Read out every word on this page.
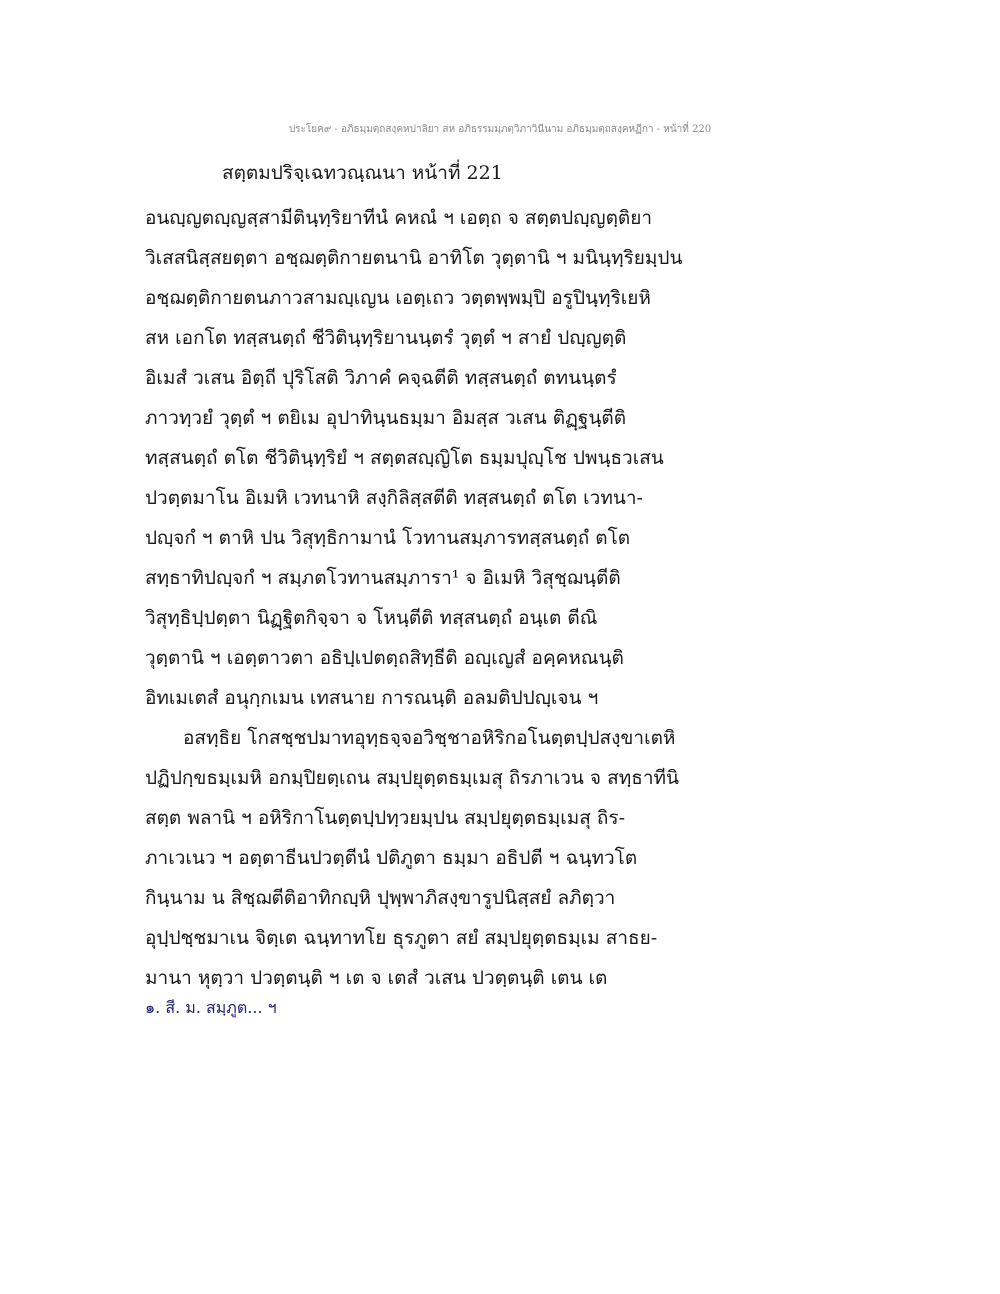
ประโยค๙ - อภิธมฺมตฺถสงฺคหปาลิยา สห อภิธรรมมฺภตฺวิภาวินีนาม อภิธมฺมตฺถสงฺคหฏีกา - หน้าที่ 220
สตฺตมปริจฺเฉทวณฺณนา หน้าที่ 221
อนญฺญตญฺญสฺสามีตินฺทฺริยาทีนํ คหณํ ฯ เอตฺถ จ สตฺตปญฺญตฺติยา
วิเสสนิสฺสยตฺตา อชฺฌตฺติกายตนานิ อาทิโต วุตฺตานิ ฯ มนินฺทฺริยมฺปน
อชฺฌตฺติกายตนภาวสามญฺเญน เอตฺเถว วตฺตพฺพมฺปิ อรูปินฺทฺริเยหิ
สห เอกโต ทสฺสนตฺถํ ชีวิตินฺทฺริยานนฺตรํ วุตฺตํ ฯ สายํ ปญฺญตฺติ
อิเมสํ วเสน อิตฺถี ปุริโสติ วิภาคํ คจฺฉตีติ ทสฺสนตฺถํ ตทนนฺตรํ
ภาวทฺวยํ วุตฺตํ ฯ ตยิเม อุปาทินฺนธมฺมา อิมสฺส วเสน ติฏฺฐนฺตีติ
ทสฺสนตฺถํ ตโต ชีวิตินฺทฺริยํ ฯ สตฺตสญฺญิโต ธมฺมปุญฺโช ปพนฺธวเสน
ปวตฺตมาโน อิเมหิ เวทนาหิ สงฺกิลิสฺสตีติ ทสฺสนตฺถํ ตโต เวทนา-
ปญฺจกํ ฯ ตาหิ ปน วิสุทฺธิกามานํ โวทานสมฺภารทสฺสนตฺถํ ตโต
สทฺธาทิปญฺจกํ ฯ สมฺภตโวทานสมฺภารา¹ จ อิเมหิ วิสุชฺฌนฺตีติ
วิสุทฺธิปฺปตฺตา นิฏฺฐิตกิจฺจา จ โหนฺตีติ ทสฺสนตฺถํ อนฺเต ตีณิ
วุตฺตานิ ฯ เอตฺตาวตา อธิปฺเปตตฺถสิทฺธีติ อญฺเญสํ อคฺคหณนฺติ
อิทเมเตสํ อนุกฺกเมน เทสนาย การณนฺติ อลมติปปญฺเจน ฯ
อสทฺธิย โกสชฺชปมาทอุทฺธจฺจอวิชฺชาอหิริกอโนตฺตปฺปสงฺขาเตหิ
ปฏิปกฺขธมฺเมหิ อกมฺปิยตฺเถน สมฺปยุตฺตธมฺเมสุ ถิรภาเวน จ สทฺธาทีนิ
สตฺต พลานิ ฯ อหิริกาโนตฺตปฺปทฺวยมฺปน สมฺปยุตฺตธมฺเมสุ ถิร-
ภาเวเนว ฯ อตฺตาธีนปวตฺตีนํ ปติภูตา ธมฺมา อธิปตี ฯ ฉนฺทวโต
กินฺนาม น สิชฺฌตีติอาทิกญฺหิ ปุพฺพาภิสงฺขารูปนิสฺสยํ ลภิตฺวา
อุปฺปชฺชมาเน จิตฺเต ฉนฺทาทโย ธุรภูตา สยํ สมฺปยุตฺตธมฺเม สาธย-
มานา หุตฺวา ปวตฺตนฺติ ฯ เต จ เตสํ วเสน ปวตฺตนฺติ เตน เต
๑. สี. ม. สมฺภูต... ฯ
